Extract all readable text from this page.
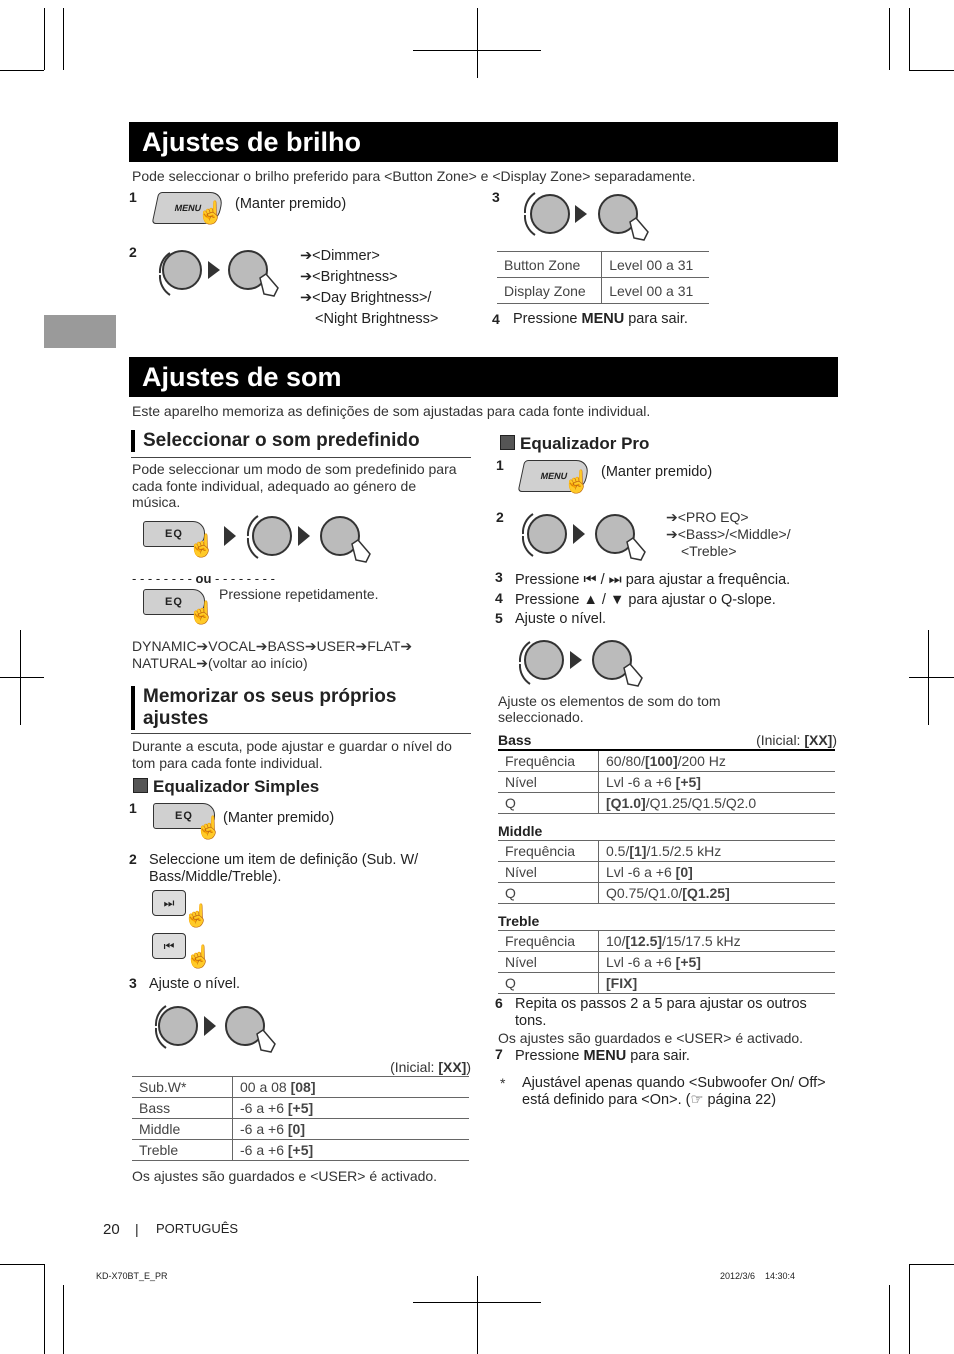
Ajustes de brilho
Pode seleccionar o brilho preferido para <Button Zone> e <Display Zone> separadamente.
1
MENU
☝ (Manter premido)
2	➔<Dimmer>
➔<Brightness>
➔<Day Brightness>/
<Night Brightness>
3
Button Zone	Level 00 a 31
Display Zone	Level 00 a 31
4 Pressione MENU para sair.
Ajustes de som
Este aparelho memoriza as definições de som ajustadas para cada fonte individual.
Seleccionar o som predefinido
Pode seleccionar um modo de som predefinido para cada fonte individual, adequado ao género de música.
EQ ☝
- - - - - - - - ou - - - - - - - -
EQ ☝
Pressione repetidamente.
DYNAMIC➔VOCAL➔BASS➔USER➔FLAT➔
NATURAL➔(voltar ao início)
Memorizar os seus próprios
ajustes
Durante a escuta, pode ajustar e guardar o nível do tom para cada fonte individual.
Equalizador Simples
1	EQ ☝ (Manter premido)
2 Seleccione um item de definição (Sub. W/ Bass/Middle/Treble).
⏭ ☝
⏮ ☝
3 Ajuste o nível.
(Inicial: [XX])
Sub.W*	00 a 08 [08]
Bass	-6 a +6 [+5]
Middle	-6 a +6 [0]
Treble	-6 a +6 [+5]
Os ajustes são guardados e <USER> é activado.
Equalizador Pro
1
MENU
☝ (Manter premido)
2	➔<PRO EQ>
➔<Bass>/<Middle>/
<Treble>
3 Pressione ⏮ / ⏭ para ajustar a frequência.
4 Pressione ▲ / ▼ para ajustar o Q-slope.
5 Ajuste o nível.
Ajuste os elementos de som do tom seleccionado.
Bass	(Inicial: [XX])
Frequência	60/80/[100]/200 Hz
Nível	Lvl -6 a +6 [+5]
Q	[Q1.0]/Q1.25/Q1.5/Q2.0
Middle
Frequência	0.5/[1]/1.5/2.5 kHz
Nível	Lvl -6 a +6 [0]
Q	Q0.75/Q1.0/[Q1.25]
Treble
Frequência	10/[12.5]/15/17.5 kHz
Nível	Lvl -6 a +6 [+5]
Q	[FIX]
6 Repita os passos 2 a 5 para ajustar os outros tons.
Os ajustes são guardados e <USER> é activado.
7 Pressione MENU para sair.
* Ajustável apenas quando <Subwoofer On/ Off> está definido para <On>. (☞ página 22)
20 | PORTUGUÊS
KD-X70BT_E_PR	2012/3/6    14:30:4
